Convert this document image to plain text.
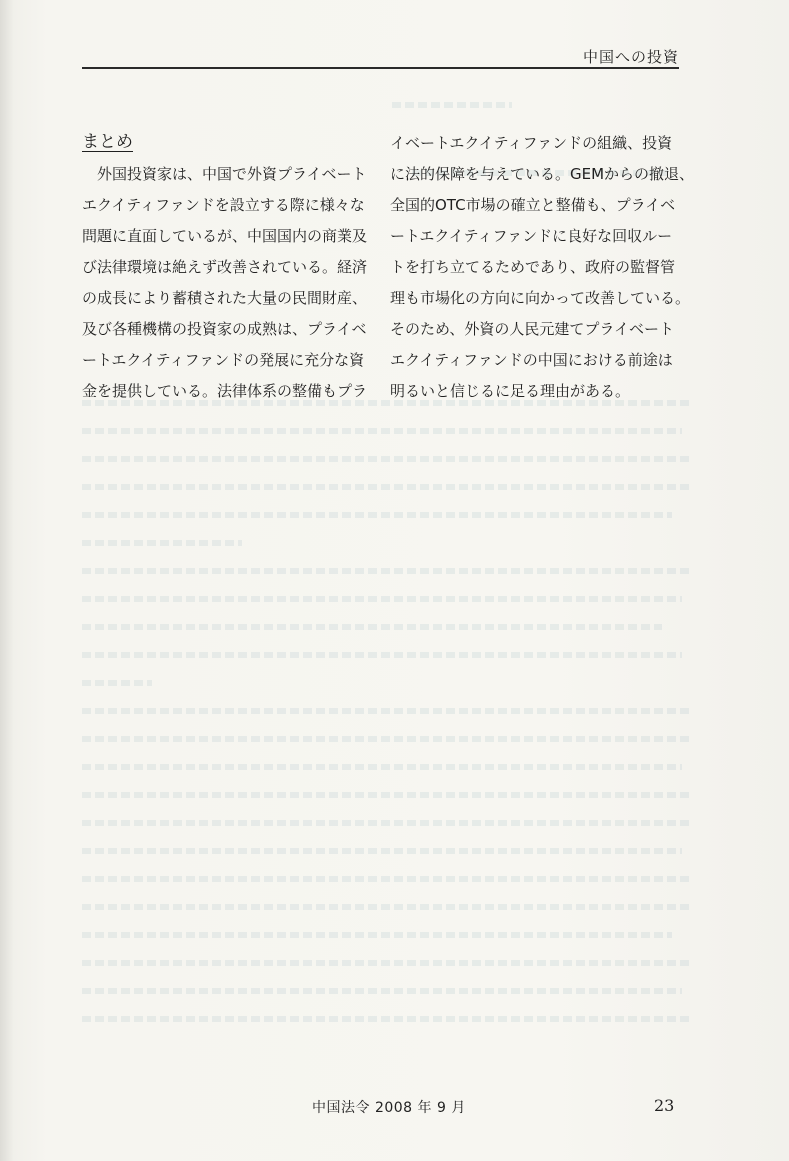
中国への投資
まとめ
　外国投資家は、中国で外資プライベート
エクイティファンドを設立する際に様々な
問題に直面しているが、中国国内の商業及
び法律環境は絶えず改善されている。経済
の成長により蓄積された大量の民間財産、
及び各種機構の投資家の成熟は、プライベ
ートエクイティファンドの発展に充分な資
金を提供している。法律体系の整備もプラ
イベートエクイティファンドの組織、投資
に法的保障を与えている。GEMからの撤退、
全国的OTC市場の確立と整備も、プライベ
ートエクイティファンドに良好な回収ルー
トを打ち立てるためであり、政府の監督管
理も市場化の方向に向かって改善している。
そのため、外資の人民元建てプライベート
エクイティファンドの中国における前途は
明るいと信じるに足る理由がある。
中国法令 2008 年 9 月	23
